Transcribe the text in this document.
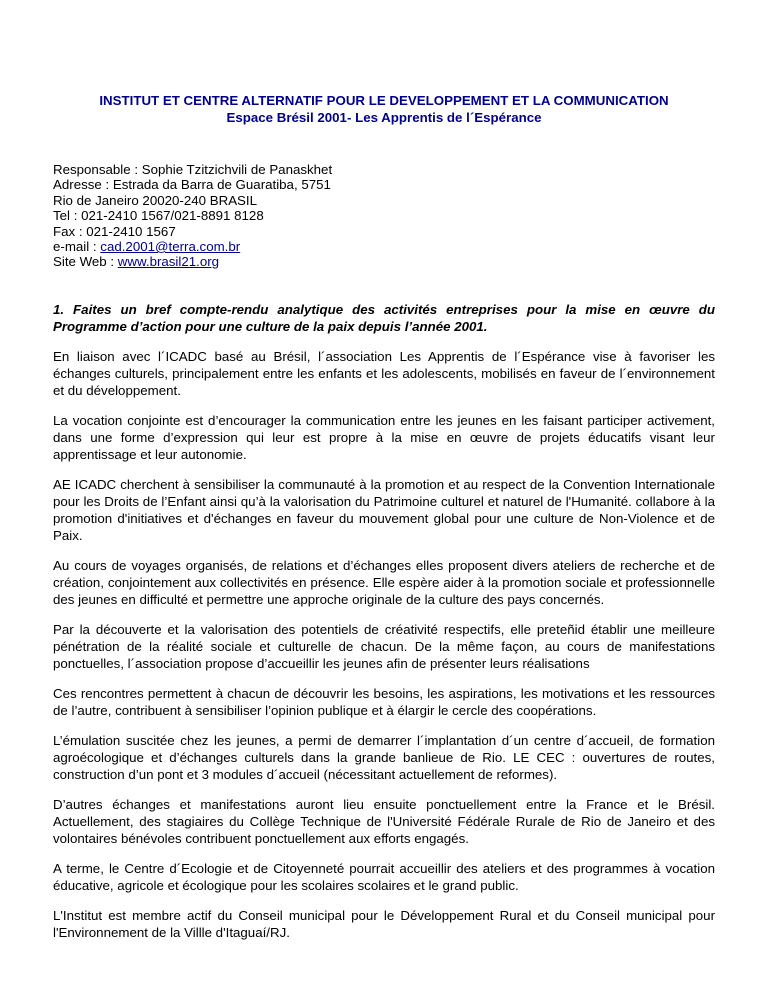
INSTITUT ET CENTRE ALTERNATIF POUR LE DEVELOPPEMENT ET LA COMMUNICATION
Espace Brésil 2001- Les Apprentis de l´Espérance
Responsable : Sophie Tzitzichvili de Panaskhet
Adresse : Estrada da Barra de Guaratiba, 5751
Rio de Janeiro 20020-240 BRASIL
Tel : 021-2410 1567/021-8891 8128
Fax : 021-2410 1567
e-mail : cad.2001@terra.com.br
Site Web : www.brasil21.org
1. Faites un bref compte-rendu analytique des activités entreprises pour la mise en œuvre du Programme d’action pour une culture de la paix depuis l’année 2001.

En liaison avec l´ICADC basé au Brésil, l´association Les Apprentis de l´Espérance vise à favoriser les échanges culturels, principalement entre les enfants et les adolescents, mobilisés en faveur de l´environnement et du développement.

La vocation conjointe est d’encourager la communication entre les jeunes en les faisant participer activement, dans une forme d’expression qui leur est propre à la mise en œuvre de projets éducatifs visant leur apprentissage et leur autonomie.

AE ICADC cherchent à sensibiliser la communauté à la promotion et au respect de la Convention Internationale pour les Droits de l’Enfant ainsi qu’à la valorisation du Patrimoine culturel et naturel de l'Humanité. collabore à la promotion d'initiatives et d'échanges en faveur du mouvement global pour une culture de Non-Violence et de Paix.

Au cours de voyages organisés, de relations et d’échanges elles proposent divers ateliers de recherche et de création, conjointement aux collectivités en présence. Elle espère aider à la promotion sociale et professionnelle des jeunes en difficulté et permettre une approche originale de la culture des pays concernés.

Par la découverte et la valorisation des potentiels de créativité respectifs, elle preteñid établir une meilleure pénétration de la réalité sociale et culturelle de chacun. De la même façon, au cours de manifestations ponctuelles, l´association propose d’accueillir les jeunes afin de présenter leurs réalisations

Ces rencontres permettent à chacun de découvrir les besoins, les aspirations, les motivations et les ressources de l’autre, contribuent à sensibiliser l’opinion publique et à élargir le cercle des coopérations.

L’émulation suscitée chez les jeunes, a permi de demarrer l´implantation d´un centre d´accueil, de formation agroécologique et d’échanges culturels dans la grande banlieue de Rio. LE CEC : ouvertures de routes, construction d’un pont et 3 modules d´accueil (nécessitant actuellement de reformes).

D’autres échanges et manifestations auront lieu ensuite ponctuellement entre la France et le Brésil. Actuellement, des stagiaires du Collège Technique de l'Université Fédérale Rurale de Rio de Janeiro et des volontaires bénévoles contribuent ponctuellement aux efforts engagés.

A terme, le Centre d´Ecologie et de Citoyenneté pourrait accueillir des ateliers et des programmes à vocation éducative, agricole et écologique pour les scolaires scolaires et le grand public.

L'Institut est membre actif du Conseil municipal pour le Développement Rural et du Conseil municipal pour l'Environnement de la Villle d'Itaguaí/RJ.
